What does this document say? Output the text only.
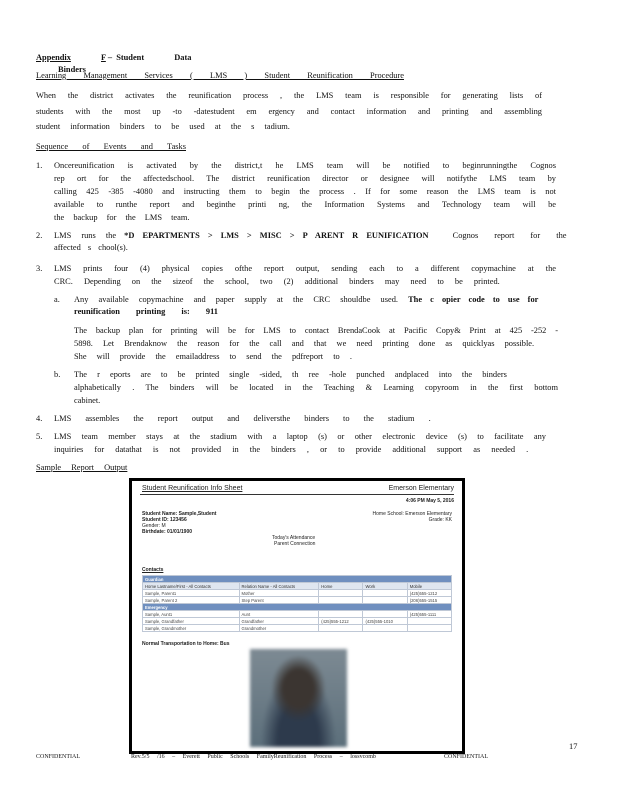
Appendix	F – Student	Data Binders
Learning Management Services ( LMS ) Student Reunification Procedure
When the district activates the reunification process , the LMS team is responsible for generating lists of
students with the most up -to -datestudent em ergency and contact information and printing and assembling
student information binders to be used at the s tadium.
Sequence of Events and Tasks
1. Oncereunification is activated by the district,t he LMS team will be notified to beginrunningthe Cognos
rep ort for the affectedschool. The district reunification director or designee will notifythe LMS team by
calling 425 -385 -4080 and instructing them to begin the process . If for some reason the LMS team is not
available to runthe report and beginthe printi ng, the Information Systems and Technology team will be
the backup for the LMS team.
2. LMS runs the *D EPARTMENTS > LMS > MISC > P ARENT R EUNIFICATION	Cognos report for the
affected s chool(s).
3. LMS prints four (4) physical copies ofthe report output, sending each to a different copymachine at the
CRC. Depending on the sizeof the school, two (2) additional binders may need to be printed.
a. Any available copymachine and paper supply at the CRC shouldbe used. The c opier code to use for
reunification printing is: 911
The backup plan for printing will be for LMS to contact BrendaCook at Pacific Copy& Print at 425 -252 -
5898. Let Brendaknow the reason for the call and that we need printing done as quicklyas possible.
She will provide the emailaddress to send the pdfreport to .
b. The r eports are to be printed single -sided, th ree -hole punched andplaced into the binders
alphabetically . The binders will be located in the Teaching & Learning copyroom in the first bottom
cabinet.
4. LMS assembles the report output and deliversthe binders to the stadium .
5. LMS team member stays at the stadium with a laptop (s) or other electronic device (s) to facilitate any
inquiries for datathat is not provided in the binders , or to provide additional support as needed .
Sample Report Output
Student Reunification Info Sheet	Emerson Elementary
4:06 PM May 5, 2016
Student Name: Sample,Student
Student ID: 123456
Gender: M
Birthdate: 01/01/1900
Home School: Emerson Elementary
Grade: KK
Today's Attendance
Parent Connection
Contacts
Guardian				
Home Lastname/First - All Contacts	Relation Name - All Contacts	Home	Work	Mobile
Sample, Parent1	Mother			(425)555-1212
Sample, Parent 2	Step Parent			(206)555-1515
Emergency				
Sample, Aunt1	Aunt			(425)555-1111
Sample, Grandfather	Grandfather	(425)555-1212	(425)555-1010	
Sample, Grandmother	Grandmother			
Normal Transportation to Home: Bus
17
CONFIDENTIAL	Rev.5/5 /16 – Everett Public Schools FamilyReunification Process – lossvcomb	CONFIDENTIAL
